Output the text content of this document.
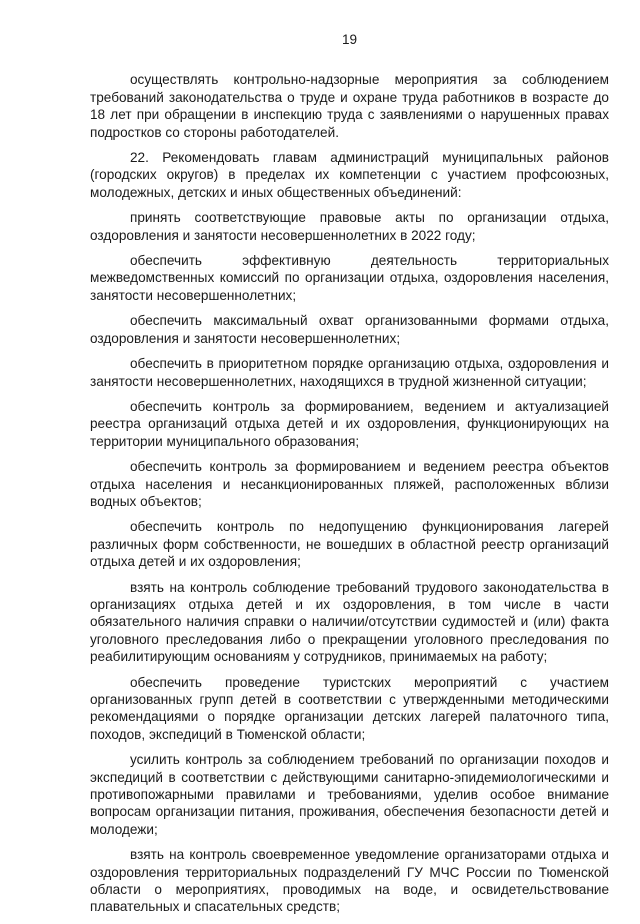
19

осуществлять контрольно-надзорные мероприятия за соблюдением требований законодательства о труде и охране труда работников в возрасте до 18 лет при обращении в инспекцию труда с заявлениями о нарушенных правах подростков со стороны работодателей.

22. Рекомендовать главам администраций муниципальных районов (городских округов) в пределах их компетенции с участием профсоюзных, молодежных, детских и иных общественных объединений:

принять соответствующие правовые акты по организации отдыха, оздоровления и занятости несовершеннолетних в 2022 году;

обеспечить эффективную деятельность территориальных межведомственных комиссий по организации отдыха, оздоровления населения, занятости несовершеннолетних;

обеспечить максимальный охват организованными формами отдыха, оздоровления и занятости несовершеннолетних;

обеспечить в приоритетном порядке организацию отдыха, оздоровления и занятости несовершеннолетних, находящихся в трудной жизненной ситуации;

обеспечить контроль за формированием, ведением и актуализацией реестра организаций отдыха детей и их оздоровления, функционирующих на территории муниципального образования;

обеспечить контроль за формированием и ведением реестра объектов отдыха населения и несанкционированных пляжей, расположенных вблизи водных объектов;

обеспечить контроль по недопущению функционирования лагерей различных форм собственности, не вошедших в областной реестр организаций отдыха детей и их оздоровления;

взять на контроль соблюдение требований трудового законодательства в организациях отдыха детей и их оздоровления, в том числе в части обязательного наличия справки о наличии/отсутствии судимостей и (или) факта уголовного преследования либо о прекращении уголовного преследования по реабилитирующим основаниям у сотрудников, принимаемых на работу;

обеспечить проведение туристских мероприятий с участием организованных групп детей в соответствии с утвержденными методическими рекомендациями о порядке организации детских лагерей палаточного типа, походов, экспедиций в Тюменской области;

усилить контроль за соблюдением требований по организации походов и экспедиций в соответствии с действующими санитарно-эпидемиологическими и противопожарными правилами и требованиями, уделив особое внимание вопросам организации питания, проживания, обеспечения безопасности детей и молодежи;

взять на контроль своевременное уведомление организаторами отдыха и оздоровления территориальных подразделений ГУ МЧС России по Тюменской области о мероприятиях, проводимых на воде, и освидетельствование плавательных и спасательных средств;
